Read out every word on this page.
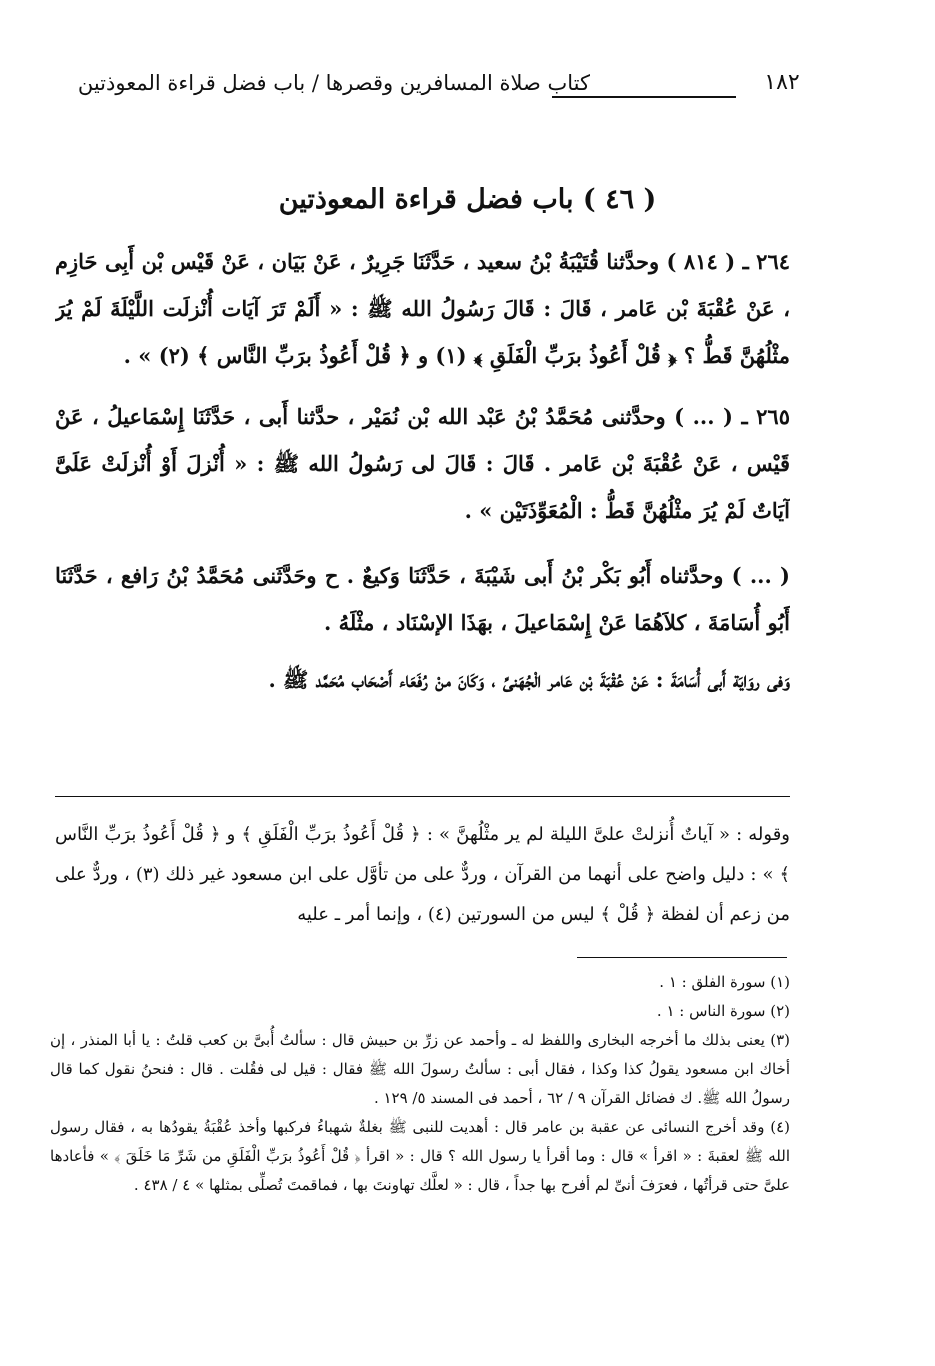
كتاب صلاة المسافرين وقصرها / باب فضل قراءة المعوذتين	١٨٢
( ٤٦ ) باب فضل قراءة المعوذتين
٢٦٤ ـ ( ٨١٤ ) وحدَّثنا قُتَيْبَةُ بْنُ سعيد ، حَدَّثَنَا جَرِيرٌ ، عَنْ بَيَان ، عَنْ قَيْس بْن أَبِى حَازِم ، عَنْ عُقْبَةَ بْن عَامر ، قَالَ : قَالَ رَسُولُ الله ﷺ : « أَلَمْ تَرَ آيَات أُنْزلَت اللَّيْلَةَ لَمْ يُرَ مثْلُهُنَّ قَطُّ ؟ ﴿ قُلْ أَعُوذُ برَبِّ الْفَلَقِ ﴾ (١) و ﴿ قُلْ أَعُوذُ برَبِّ النَّاس ﴾ (٢) » .
٢٦٥ ـ ( ... ) وحدَّثنى مُحَمَّدُ بْنُ عَبْد الله بْن نُمَيْر ، حدَّثنا أَبى ، حَدَّثَنَا إِسْمَاعيلُ ، عَنْ قَيْس ، عَنْ عُقْبَةَ بْن عَامر . قَالَ : قَالَ لى رَسُولُ الله ﷺ : « أُنْزلَ أَوْ أُنْزلَتْ عَلَىَّ آيَاتٌ لَمْ يُرَ مثْلُهُنَّ قَطُّ : الْمُعَوِّذَتَيْن » .
( ... ) وحدَّثناه أَبُو بَكْر بْنُ أَبى شَيْبَةَ ، حَدَّثَنَا وَكيعٌ . ح وحَدَّثَنى مُحَمَّدُ بْنُ رَافع ، حَدَّثَنَا أَبُو أُسَامَةَ ، كلاَهُمَا عَنْ إِسْمَاعيلَ ، بهَذَا الإسْنَاد ، مثْلَهُ .
وَفى روَايَة أَبى أُسَامَةَ : عَنْ عُقْبَةَ بْن عَامر الْجُهَنىِّ ، وَكَانَ منْ رُفَعَاء أَصْحَاب مُحَمَّد ﷺ .
وقوله : « آياتٌ أُنزلتْ علىَّ الليلة لم ير مثْلُهنَّ » : ﴿ قُلْ أَعُوذُ برَبِّ الْفَلَقِ ﴾ و ﴿ قُلْ أَعُوذُ برَبِّ النَّاس ﴾ » : دليل واضح على أنهما من القرآن ، وردٌّ على من تأوَّل على ابن مسعود غير ذلك (٣) ، وردٌّ على من زعم أن لفظة ﴿ قُلْ ﴾ ليس من السورتين (٤) ، وإنما أمر ـ عليه

(١) سورة الفلق : ١ .

(٢) سورة الناس : ١ .

(٣) يعنى بذلك ما أخرجه البخارى واللفظ له ـ وأحمد عن زرِّ بن حبيش قال : سألتُ أُبىَّ بن كعب قلتُ : يا أبا المنذر ، إن أخاك ابن مسعود يقولُ كذا وكذا ، فقال أبى : سألتُ رسولَ الله ﷺ فقال : قيل لى فقُلت . قال : فنحنُ نقول كما قال رسولُ الله ﷺ. ك فضائل القرآن ٩ / ٦٢ ، أحمد فى المسند ٥/ ١٢٩ .

(٤) وقد أخرج النسائى عن عقبة بن عامر قال : أهديت للنبى ﷺ بغلةٌ شهباءُ فركبها وأخذ عُقْبَةُ يقودُها به ، فقال رسول الله ﷺ لعقبةَ : « اقرأ » قال : وما أقرأ يا رسول الله ؟ قال : « اقرأ ﴿ قُلْ أَعُوذُ برَبِّ الْفَلَقِ من شَرِّ مَا خَلَقَ ﴾ » فأعادها علىَّ حتى قرأتُها ، فعرَفَ أنىِّ لم أفرح بها جداً ، قال : « لعلَّك تهاونتَ بها ، فماقمتَ تُصلِّى بمثلها » ٤ / ٤٣٨ .
